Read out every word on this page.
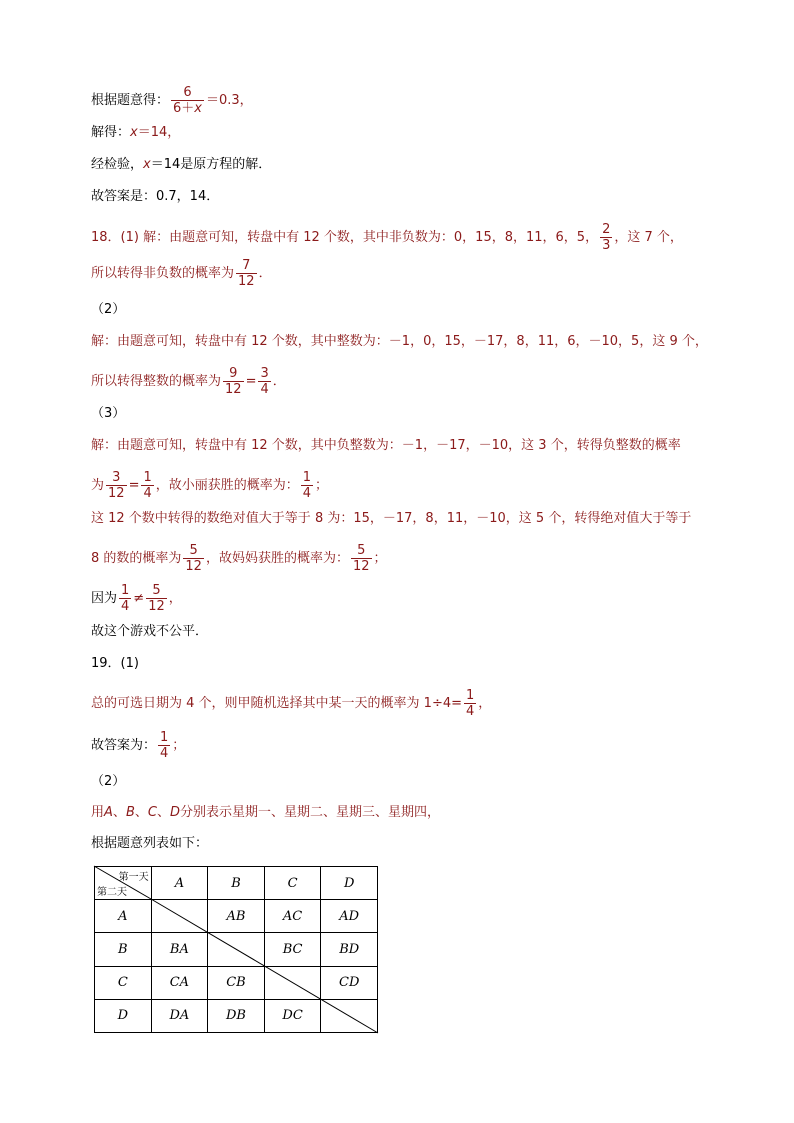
根据题意得： $\frac{6}{6+x} =0.3$，
解得：x＝14，
经检验，x＝14是原方程的解．
故答案是：0.7，14．
18．(1) 解：由题意可知，转盘中有 12 个数，其中非负数为：0，15，8，11，6，5， $\frac{2}{3}$ ，这 7 个，
所以转得非负数的概率为 $\frac{7}{12}$ ．
（2）
解：由题意可知，转盘中有 12 个数，其中整数为：－1，0，15，－17，8，11，6，－10，5，这 9 个，
所以转得整数的概率为 $\frac{9}{12} = \frac{3}{4}$ ．
（3）
解：由题意可知，转盘中有 12 个数，其中负整数为：－1，－17，－10，这 3 个，转得负整数的概率
为 $\frac{3}{12} = \frac{1}{4}$ ，故小丽获胜的概率为： $\frac{1}{4}$ ；
这 12 个数中转得的数绝对值大于等于 8 为：15，－17，8，11，－10，这 5 个，转得绝对值大于等于
8 的数的概率为 $\frac{5}{12}$ ，故妈妈获胜的概率为： $\frac{5}{12}$ ；
因为 $\frac{1}{4} \ne \frac{5}{12}$ ，
故这个游戏不公平．
19．(1)
总的可选日期为 4 个，则甲随机选择其中某一天的概率为 $1\div 4= \frac{1}{4}$ ，
故答案为： $\frac{1}{4}$ ；
（2）
用A、B、C、D分别表示星期一、星期二、星期三、星期四，
根据题意列表如下：
第一天
第二天	A	B	C	D
A		AB	AC	AD
B	BA		BC	BD
C	CA	CB		CD
D	DA	DB	DC	
